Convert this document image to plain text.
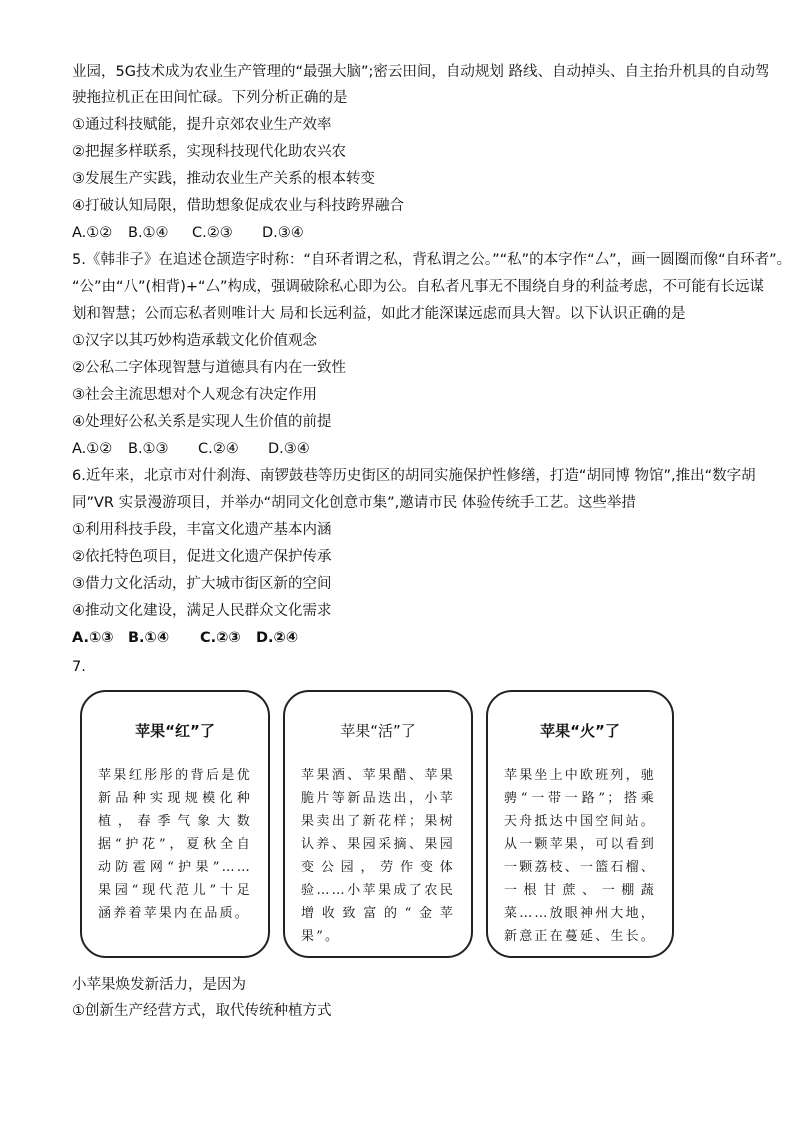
业园，5G技术成为农业生产管理的“最强大脑”;密云田间，自动规划 路线、自动掉头、自主抬升机具的自动驾
驶拖拉机正在田间忙碌。下列分析正确的是
①通过科技赋能，提升京郊农业生产效率
②把握多样联系，实现科技现代化助农兴农
③发展生产实践，推动农业生产关系的根本转变
④打破认知局限，借助想象促成农业与科技跨界融合
A.①② B.①④ C.②③ D.③④
5.《韩非子》在追述仓颉造字时称：“自环者谓之私，背私谓之公。”“私”的本字作“厶”，画一圆圈而像“自环者”。
“公”由“八”(相背)+“厶”构成，强调破除私心即为公。自私者凡事无不围绕自身的利益考虑，不可能有长远谋
划和智慧；公而忘私者则唯计大 局和长远利益，如此才能深谋远虑而具大智。以下认识正确的是
①汉字以其巧妙构造承载文化价值观念
②公私二字体现智慧与道德具有内在一致性
③社会主流思想对个人观念有决定作用
④处理好公私关系是实现人生价值的前提
A.①② B.①③ C.②④ D.③④
6.近年来，北京市对什刹海、南锣鼓巷等历史街区的胡同实施保护性修缮，打造“胡同博 物馆”,推出“数字胡
同”VR 实景漫游项目，并举办“胡同文化创意市集”,邀请市民 体验传统手工艺。这些举措
①利用科技手段，丰富文化遗产基本内涵
②依托特色项目，促进文化遗产保护传承
③借力文化活动，扩大城市街区新的空间
④推动文化建设，满足人民群众文化需求
A.①③ B.①④ C.②③ D.②④
7.
苹果“红”了
苹果红彤彤的背后是优新品种实现规模化种植，春季气象大数据“护花”，夏秋全自动防雹网“护果”……果园“现代范儿”十足涵养着苹果内在品质。
苹果“活”了
苹果酒、苹果醋、苹果脆片等新品迭出，小苹果卖出了新花样；果树认养、果园采摘、果园变公园，劳作变体验……小苹果成了农民增收致富的“金苹果”。
苹果“火”了
苹果坐上中欧班列，驰骋“一带一路”；搭乘天舟抵达中国空间站。从一颗苹果，可以看到一颗荔枝、一篮石榴、一根甘蔗、一棚蔬菜……放眼神州大地，新意正在蔓延、生长。
小苹果焕发新活力，是因为
①创新生产经营方式，取代传统种植方式
